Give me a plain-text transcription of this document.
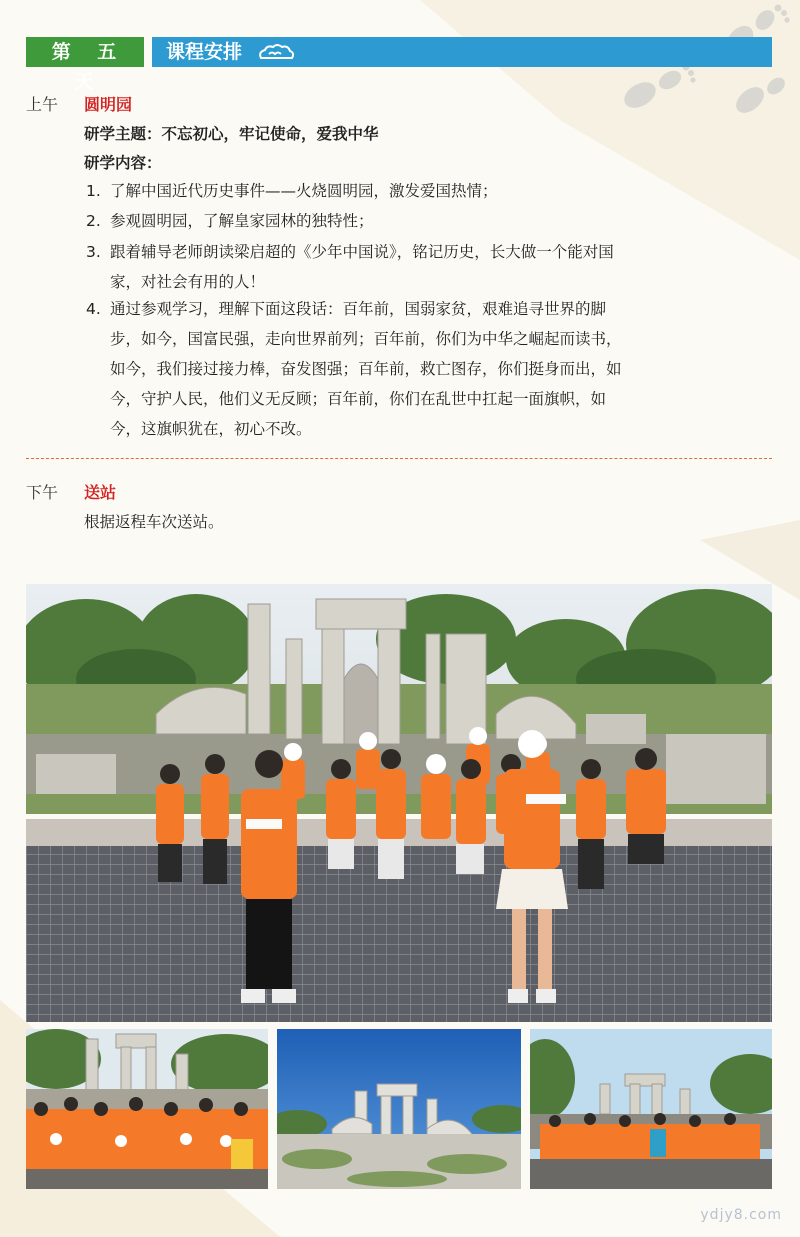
第 五 天
课程安排
上午 圆明园
研学主题：不忘初心，牢记使命，爱我中华
研学内容：
1. 了解中国近代历史事件——火烧圆明园，激发爱国热情；
2. 参观圆明园，了解皇家园林的独特性；
3. 跟着辅导老师朗读梁启超的《少年中国说》，铭记历史，长大做一个能对国
家，对社会有用的人！
4. 通过参观学习，理解下面这段话：百年前，国弱家贫，艰难追寻世界的脚
步，如今，国富民强，走向世界前列；百年前，你们为中华之崛起而读书，
如今，我们接过接力棒，奋发图强；百年前，救亡图存，你们挺身而出，如
今，守护人民，他们义无反顾；百年前，你们在乱世中扛起一面旗帜，如
今，这旗帜犹在，初心不改。
下午 送站
根据返程车次送站。
ydjy8.com
